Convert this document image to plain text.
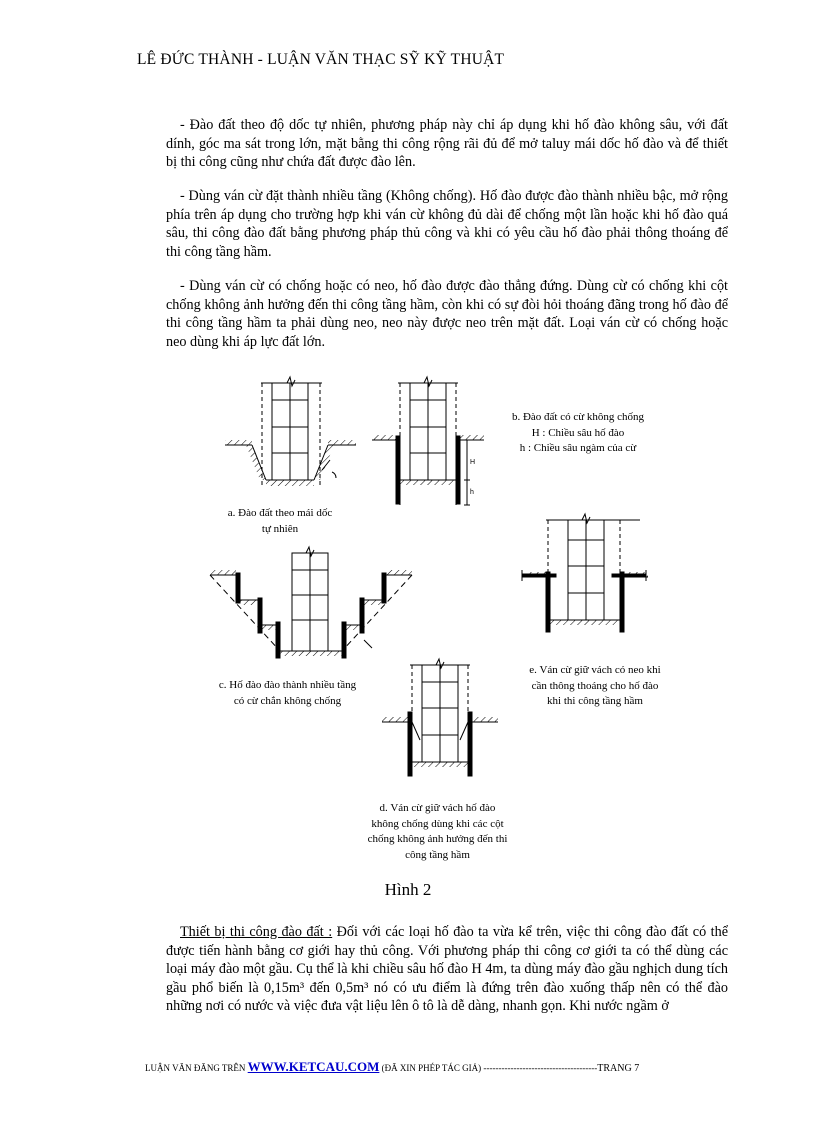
LÊ ĐỨC THÀNH - LUẬN VĂN THẠC SỸ KỸ THUẬT
- Đào đất theo độ dốc tự nhiên, phương pháp này chỉ áp dụng khi hố đào không sâu, với đất dính, góc ma sát trong lớn, mặt bằng thi công rộng rãi đủ để mở taluy mái dốc hố đào và để thiết bị thi công cũng như chứa đất được đào lên.
- Dùng ván cừ đặt thành nhiều tầng (Không chống). Hố đào được đào thành nhiều bậc, mở rộng phía trên áp dụng cho trường hợp khi ván cừ không đủ dài để chống một lần hoặc khi hố đào quá sâu, thi công đào đất bằng phương pháp thủ công và khi có yêu cầu hố đào phải thông thoáng để thi công tầng hầm.
- Dùng ván cừ có chống hoặc có neo, hố đào được đào thẳng đứng. Dùng cừ có chống khi cột chống không ảnh hưởng đến thi công tầng hầm, còn khi có sự đòi hỏi thoáng đãng trong hố đào để thi công tầng hầm ta phải dùng neo, neo này được neo trên mặt đất. Loại ván cừ có chống hoặc neo dùng khi áp lực đất lớn.
H
h
b. Đào đất có cừ không chống
H : Chiều sâu hố đào
h : Chiều sâu ngàm của cừ
a. Đào đất theo mái dốc
tự nhiên
c. Hố đào đào thành nhiều tầng
có cừ chắn không chống
e. Ván cừ giữ vách có neo khi
cần thông thoáng cho hố đào
khi thi công tầng hầm
d. Ván cừ giữ vách hố đào
không chống dùng khi các cột
chống không ảnh hưởng đến thi
công tầng hầm
Hình 2
Thiết bị thi công đào đất : Đối với các loại hố đào ta vừa kể trên, việc thi công đào đất có thể được tiến hành bằng cơ giới hay thủ công. Với phương pháp thi công cơ giới ta có thể dùng các loại máy đào một gầu. Cụ thể là khi chiều sâu hố đào H 4m, ta dùng máy đào gầu nghịch dung tích gầu phổ biến là 0,15m³ đến 0,5m³ nó có ưu điểm là đứng trên đào xuống thấp nên có thể đào những nơi có nước và việc đưa vật liệu lên ô tô là dễ dàng, nhanh gọn. Khi nước ngầm ở
LUẬN VĂN ĐĂNG TRÊN WWW.KETCAU.COM (ĐÃ XIN PHÉP TÁC GIẢ) --------------------------------------TRANG 7
